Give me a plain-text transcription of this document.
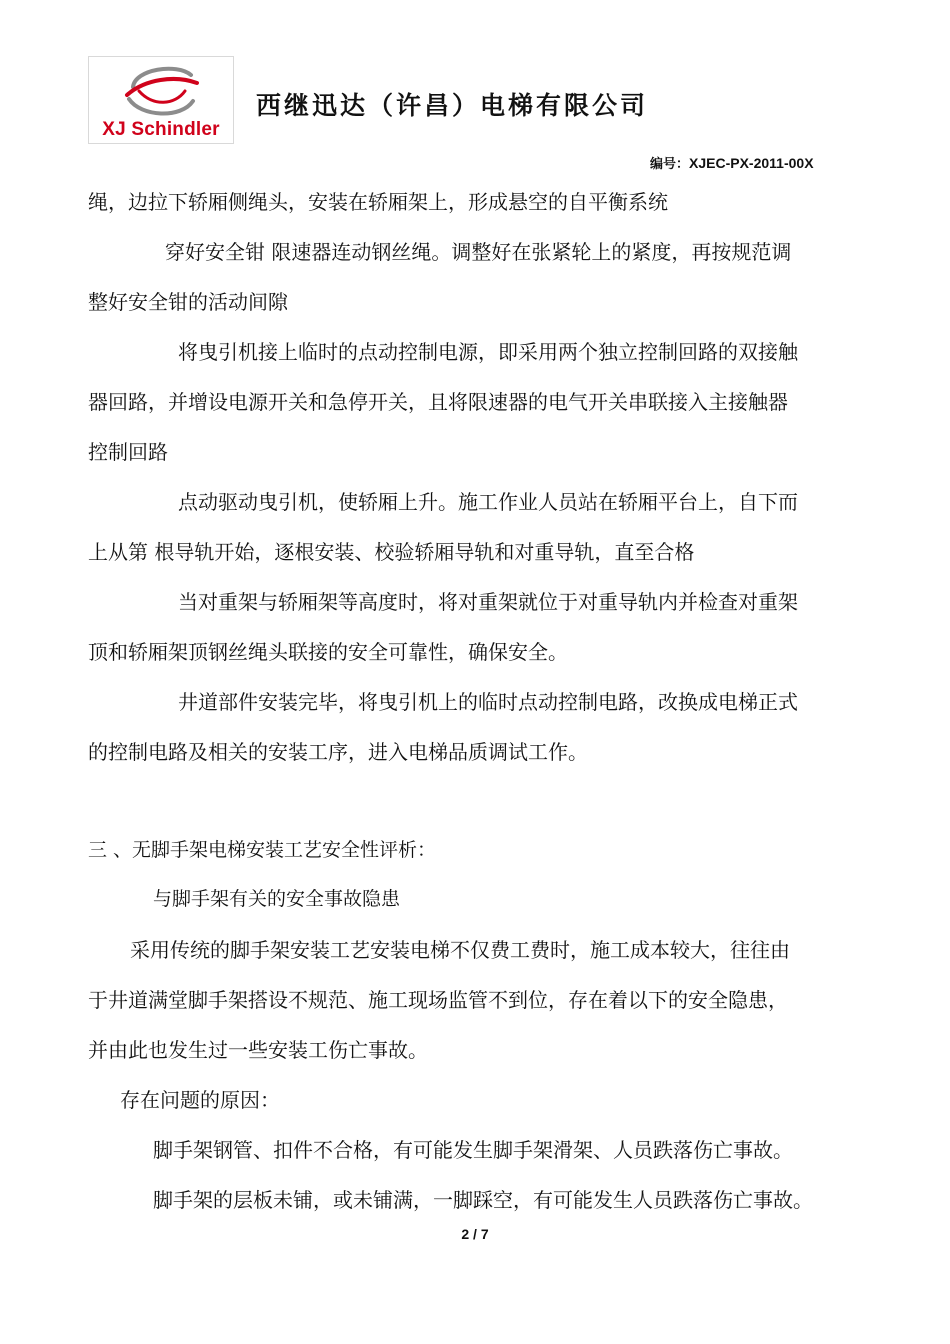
XJ Schindler
西继迅达（许昌）电梯有限公司
编号：XJEC-PX-2011-00X
绳，边拉下轿厢侧绳头，安装在轿厢架上，形成悬空的自平衡系统
穿好安全钳 限速器连动钢丝绳。调整好在张紧轮上的紧度，再按规范调
整好安全钳的活动间隙
将曳引机接上临时的点动控制电源，即采用两个独立控制回路的双接触
器回路，并增设电源开关和急停开关，且将限速器的电气开关串联接入主接触器
控制回路
点动驱动曳引机，使轿厢上升。施工作业人员站在轿厢平台上，自下而
上从第 根导轨开始，逐根安装、校验轿厢导轨和对重导轨，直至合格
当对重架与轿厢架等高度时，将对重架就位于对重导轨内并检查对重架
顶和轿厢架顶钢丝绳头联接的安全可靠性，确保安全。
井道部件安装完毕，将曳引机上的临时点动控制电路，改换成电梯正式
的控制电路及相关的安装工序，进入电梯品质调试工作。
三 、无脚手架电梯安装工艺安全性评析：
与脚手架有关的安全事故隐患
采用传统的脚手架安装工艺安装电梯不仅费工费时，施工成本较大，往往由
于井道满堂脚手架搭设不规范、施工现场监管不到位，存在着以下的安全隐患，
并由此也发生过一些安装工伤亡事故。
存在问题的原因：
脚手架钢管、扣件不合格，有可能发生脚手架滑架、人员跌落伤亡事故。
脚手架的层板未铺，或未铺满，一脚踩空，有可能发生人员跌落伤亡事故。
2 / 7
